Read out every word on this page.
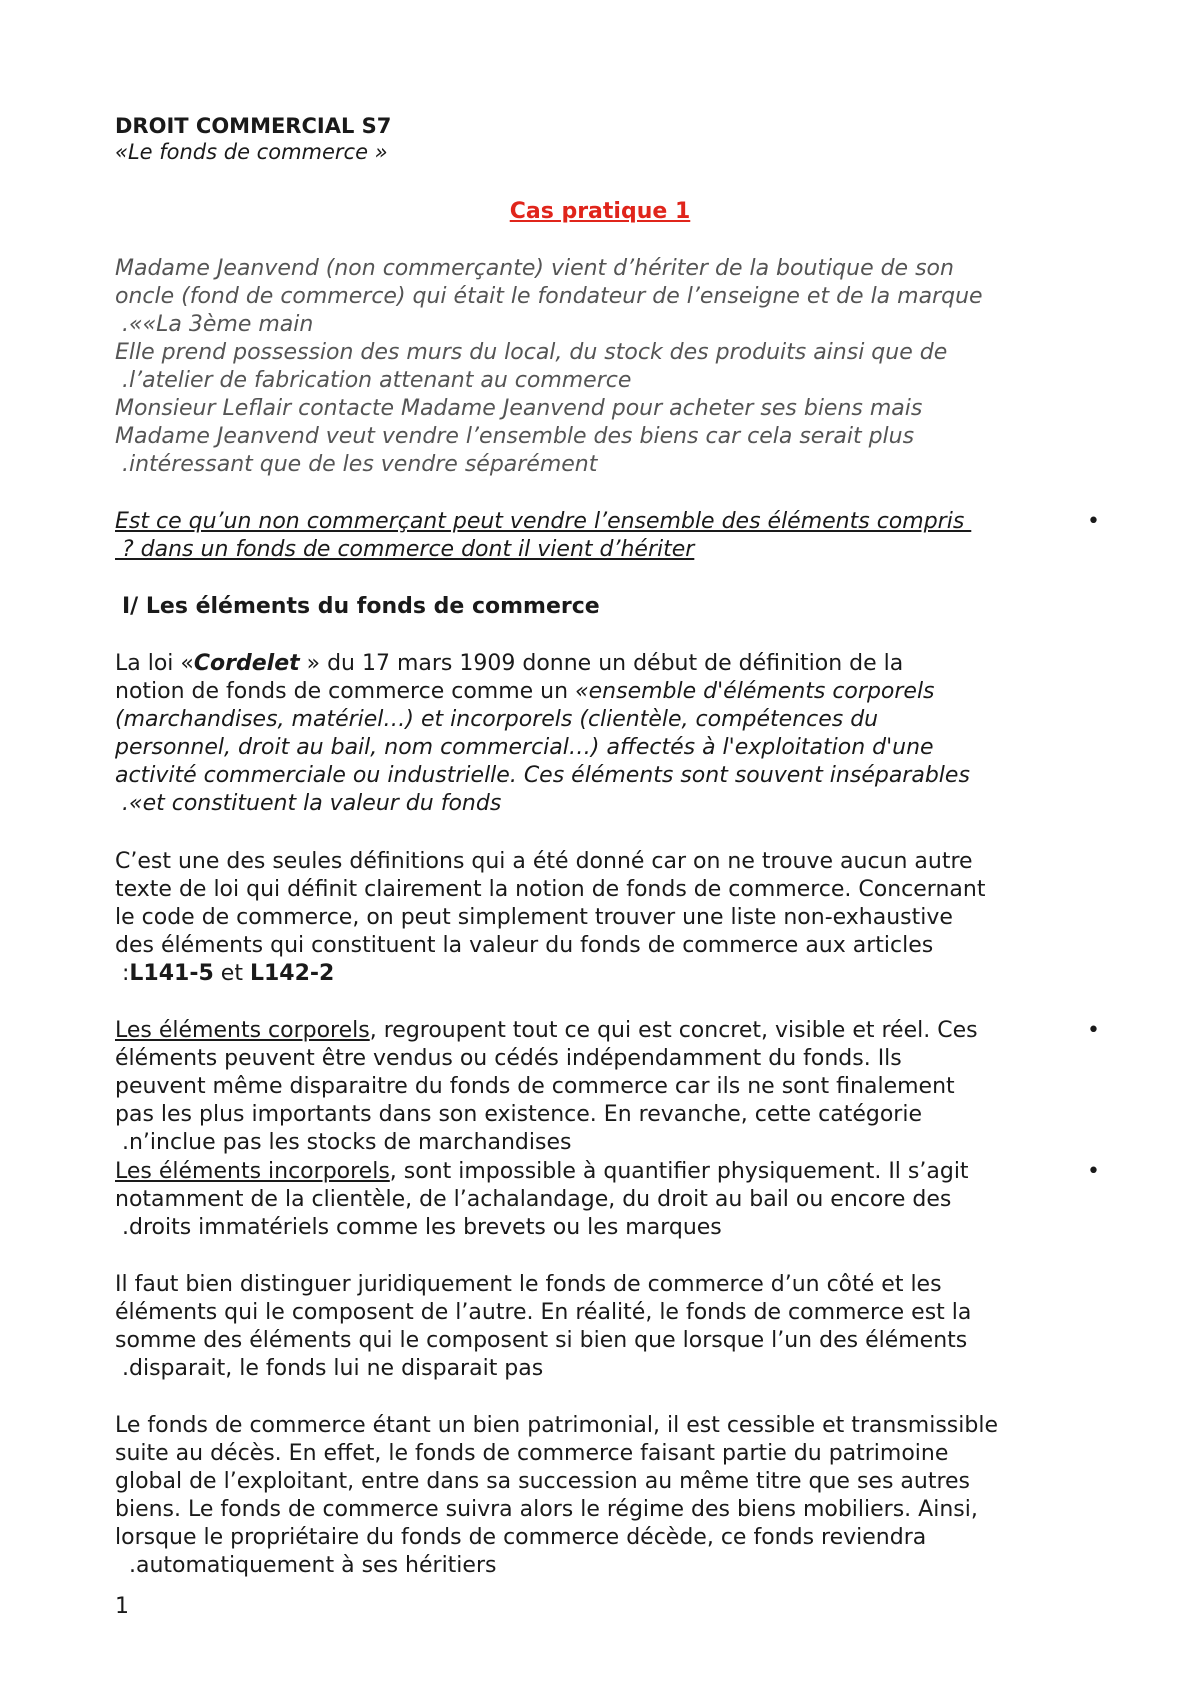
DROIT COMMERCIAL S7
«Le fonds de commerce »
Cas pratique 1
Madame Jeanvend (non commerçante) vient d’hériter de la boutique de son
oncle (fond de commerce) qui était le fondateur de l’enseigne et de la marque
.««La 3ème main
Elle prend possession des murs du local, du stock des produits ainsi que de
.l’atelier de fabrication attenant au commerce
Monsieur Leflair contacte Madame Jeanvend pour acheter ses biens mais
Madame Jeanvend veut vendre l’ensemble des biens car cela serait plus
.intéressant que de les vendre séparément
Est ce qu’un non commerçant peut vendre l’ensemble des éléments compris
? dans un fonds de commerce dont il vient d’hériter
•
I/ Les éléments du fonds de commerce
La loi «Cordelet » du 17 mars 1909 donne un début de définition de la
notion de fonds de commerce comme un «ensemble d'éléments corporels
(marchandises, matériel…) et incorporels (clientèle, compétences du
personnel, droit au bail, nom commercial…) affectés à l'exploitation d'une
activité commerciale ou industrielle. Ces éléments sont souvent inséparables
.«et constituent la valeur du fonds
C’est une des seules définitions qui a été donné car on ne trouve aucun autre
texte de loi qui définit clairement la notion de fonds de commerce. Concernant
le code de commerce, on peut simplement trouver une liste non-exhaustive
des éléments qui constituent la valeur du fonds de commerce aux articles
:L141-5 et L142-2
Les éléments corporels, regroupent tout ce qui est concret, visible et réel. Ces
éléments peuvent être vendus ou cédés indépendamment du fonds. Ils
peuvent même disparaitre du fonds de commerce car ils ne sont finalement
pas les plus importants dans son existence. En revanche, cette catégorie
.n’inclue pas les stocks de marchandises
•
Les éléments incorporels, sont impossible à quantifier physiquement. Il s’agit
notamment de la clientèle, de l’achalandage, du droit au bail ou encore des
.droits immatériels comme les brevets ou les marques
•
Il faut bien distinguer juridiquement le fonds de commerce d’un côté et les
éléments qui le composent de l’autre. En réalité, le fonds de commerce est la
somme des éléments qui le composent si bien que lorsque l’un des éléments
.disparait, le fonds lui ne disparait pas
Le fonds de commerce étant un bien patrimonial, il est cessible et transmissible
suite au décès. En effet, le fonds de commerce faisant partie du patrimoine
global de l’exploitant, entre dans sa succession au même titre que ses autres
biens. Le fonds de commerce suivra alors le régime des biens mobiliers. Ainsi,
lorsque le propriétaire du fonds de commerce décède, ce fonds reviendra
.automatiquement à ses héritiers
1
